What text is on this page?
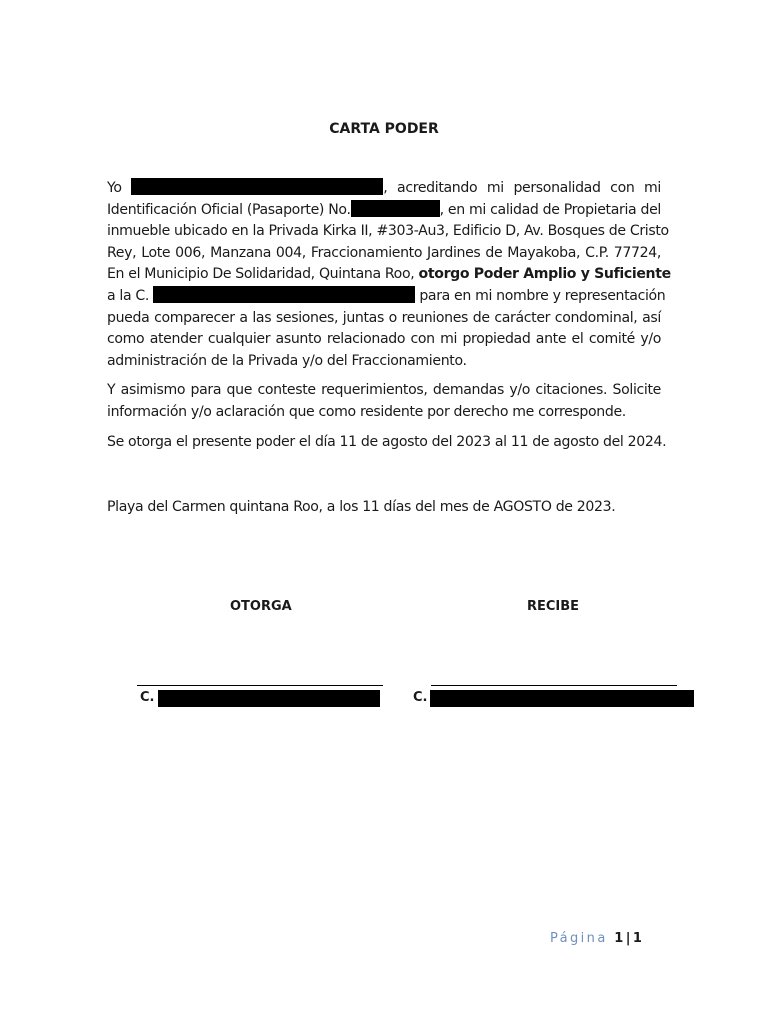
CARTA PODER

Yo	, acreditando mi personalidad con mi
Identificación Oficial (Pasaporte) No.	, en mi calidad de Propietaria del
inmueble ubicado en la Privada Kirka II, #303-Au3, Edificio D, Av. Bosques de Cristo
Rey, Lote 006, Manzana 004, Fraccionamiento Jardines de Mayakoba, C.P. 77724,
En el Municipio De Solidaridad, Quintana Roo, otorgo Poder Amplio y Suficiente
a la C.	para en mi nombre y representación
pueda comparecer a las sesiones, juntas o reuniones de carácter condominal, así
como atender cualquier asunto relacionado con mi propiedad ante el comité y/o
administración de la Privada y/o del Fraccionamiento.

Y asimismo para que conteste requerimientos, demandas y/o citaciones. Solicite
información y/o aclaración que como residente por derecho me corresponde.

Se otorga el presente poder el día 11 de agosto del 2023 al 11 de agosto del 2024.

Playa del Carmen quintana Roo, a los 11 días del mes de AGOSTO de 2023.
OTORGA	RECIBE
C.	C.
Página 1|1
